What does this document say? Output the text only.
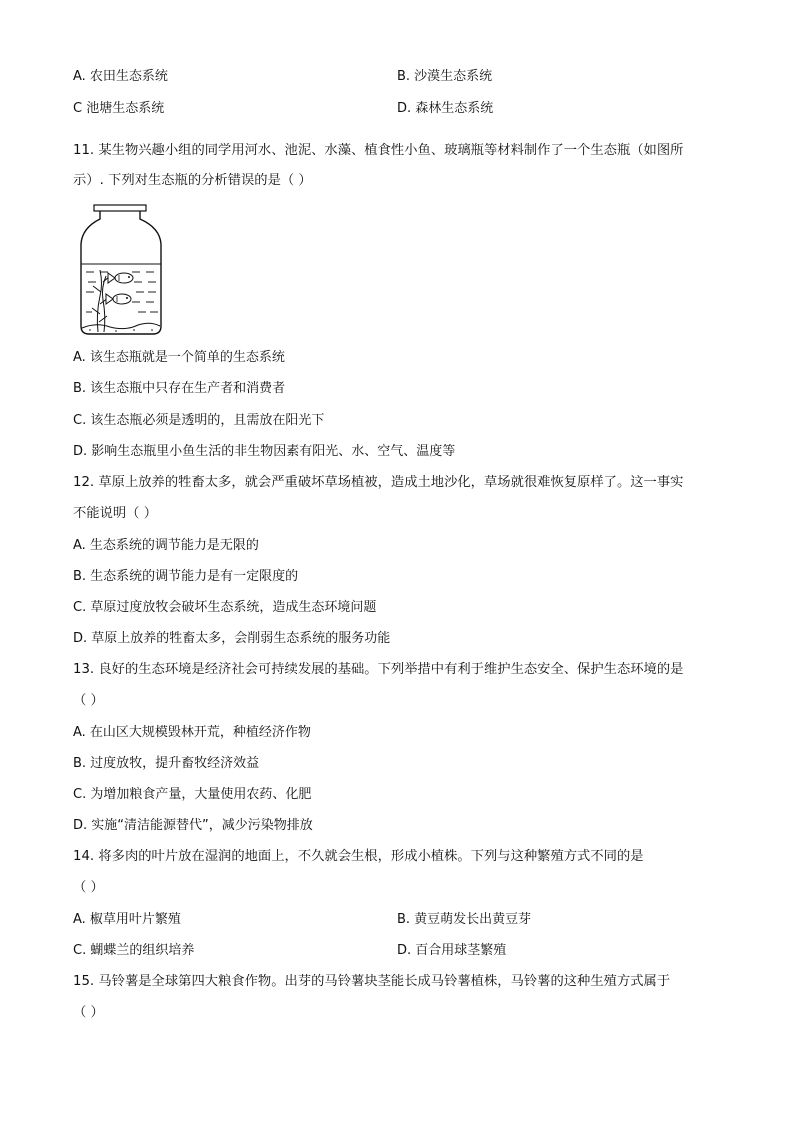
A. 农田生态系统	B. 沙漠生态系统
C 池塘生态系统	D. 森林生态系统
11. 某生物兴趣小组的同学用河水、池泥、水藻、植食性小鱼、玻璃瓶等材料制作了一个生态瓶（如图所
示）. 下列对生态瓶的分析错误的是（ ）
A. 该生态瓶就是一个简单的生态系统
B. 该生态瓶中只存在生产者和消费者
C. 该生态瓶必须是透明的，且需放在阳光下
D. 影响生态瓶里小鱼生活的非生物因素有阳光、水、空气、温度等
12. 草原上放养的牲畜太多，就会严重破坏草场植被，造成土地沙化，草场就很难恢复原样了。这一事实
不能说明（ ）
A. 生态系统的调节能力是无限的
B. 生态系统的调节能力是有一定限度的
C. 草原过度放牧会破坏生态系统，造成生态环境问题
D. 草原上放养的牲畜太多，会削弱生态系统的服务功能
13. 良好的生态环境是经济社会可持续发展的基础。下列举措中有利于维护生态安全、保护生态环境的是
（ ）
A. 在山区大规模毁林开荒，种植经济作物
B. 过度放牧，提升畜牧经济效益
C. 为增加粮食产量，大量使用农药、化肥
D. 实施“清洁能源替代”，减少污染物排放
14. 将多肉的叶片放在湿润的地面上，不久就会生根，形成小植株。下列与这种繁殖方式不同的是
（ ）
A. 椒草用叶片繁殖	B. 黄豆萌发长出黄豆芽
C. 蝴蝶兰的组织培养	D. 百合用球茎繁殖
15. 马铃薯是全球第四大粮食作物。出芽的马铃薯块茎能长成马铃薯植株，马铃薯的这种生殖方式属于
（ ）
